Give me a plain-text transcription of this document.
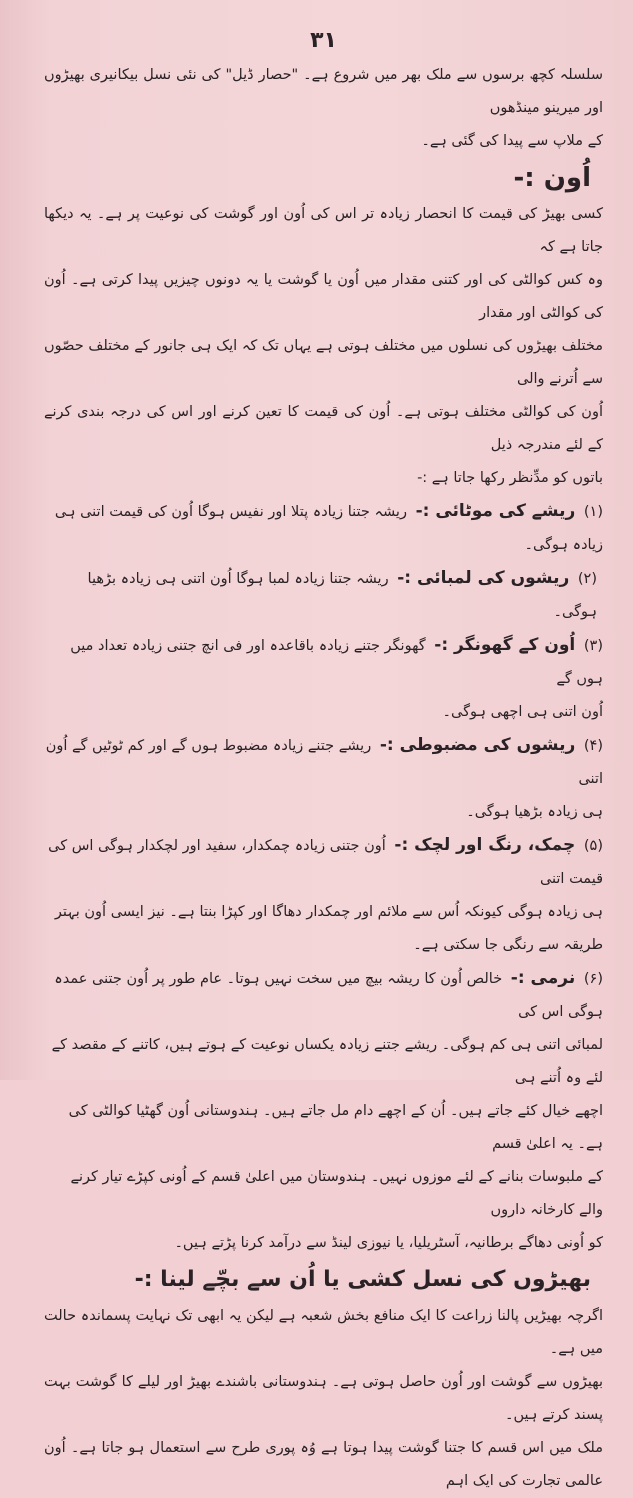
۳۱

سلسلہ کچھ برسوں سے ملک بھر میں شروع ہے۔ "حصار ڈیل" کی نئی نسل بیکانیری بھیڑوں اور میرینو مینڈھوں

کے ملاپ سے پیدا کی گئی ہے۔

اُون :-

کسی بھیڑ کی قیمت کا انحصار زیادہ تر اس کی اُون اور گوشت کی نوعیت پر ہے۔ یہ دیکھا جاتا ہے کہ

وہ کس کوالٹی کی اور کتنی مقدار میں اُون یا گوشت یا یہ دونوں چیزیں پیدا کرتی ہے۔ اُون کی کوالٹی اور مقدار

مختلف بھیڑوں کی نسلوں میں مختلف ہوتی ہے یہاں تک کہ ایک ہی جانور کے مختلف حصّوں سے اُترنے والی

اُون کی کوالٹی مختلف ہوتی ہے۔ اُون کی قیمت کا تعین کرنے اور اس کی درجہ بندی کرنے کے لئے مندرجہ ذیل

باتوں کو مدِّنظر رکھا جاتا ہے :-

(۱) ریشے کی موٹائی :- ریشہ جتنا زیادہ پتلا اور نفیس ہوگا اُون کی قیمت اتنی ہی زیادہ ہوگی۔

(۲) ریشوں کی لمبائی :- ریشہ جتنا زیادہ لمبا ہوگا اُون اتنی ہی زیادہ بڑھیا ہوگی۔

(۳) اُون کے گھونگر :- گھونگر جتنے زیادہ باقاعدہ اور فی انچ جتنی زیادہ تعداد میں ہوں گے

اُون اتنی ہی اچھی ہوگی۔

(۴) ریشوں کی مضبوطی :- ریشے جتنے زیادہ مضبوط ہوں گے اور کم ٹوٹیں گے اُون اتنی

ہی زیادہ بڑھیا ہوگی۔

(۵) چمک، رنگ اور لچک :- اُون جتنی زیادہ چمکدار، سفید اور لچکدار ہوگی اس کی قیمت اتنی

ہی زیادہ ہوگی کیونکہ اُس سے ملائم اور چمکدار دھاگا اور کپڑا بنتا ہے۔ نیز ایسی اُون بہتر طریقہ سے رنگی جا سکتی ہے۔

(۶) نرمی :- خالص اُون کا ریشہ بیچ میں سخت نہیں ہوتا۔ عام طور پر اُون جتنی عمدہ ہوگی اس کی

لمبائی اتنی ہی کم ہوگی۔ ریشے جتنے زیادہ یکساں نوعیت کے ہوتے ہیں، کاتنے کے مقصد کے لئے وہ اُتنے ہی

اچھے خیال کئے جاتے ہیں۔ اُن کے اچھے دام مل جاتے ہیں۔ ہندوستانی اُون گھٹیا کوالٹی کی ہے۔ یہ اعلیٰ قسم

کے ملبوسات بنانے کے لئے موزوں نہیں۔ ہندوستان میں اعلیٰ قسم کے اُونی کپڑے تیار کرنے والے کارخانہ داروں

کو اُونی دھاگے برطانیہ، آسٹریلیا، یا نیوزی لینڈ سے درآمد کرنا پڑتے ہیں۔

بھیڑوں کی نسل کشی یا اُن سے بچّے لینا :-

اگرچہ بھیڑیں پالنا زراعت کا ایک منافع بخش شعبہ ہے لیکن یہ ابھی تک نہایت پسماندہ حالت میں ہے۔

بھیڑوں سے گوشت اور اُون حاصل ہوتی ہے۔ ہندوستانی باشندے بھیڑ اور لیلے کا گوشت بہت پسند کرتے ہیں۔

ملک میں اس قسم کا جتنا گوشت پیدا ہوتا ہے وُہ پوری طرح سے استعمال ہو جاتا ہے۔ اُون عالمی تجارت کی ایک اہم
